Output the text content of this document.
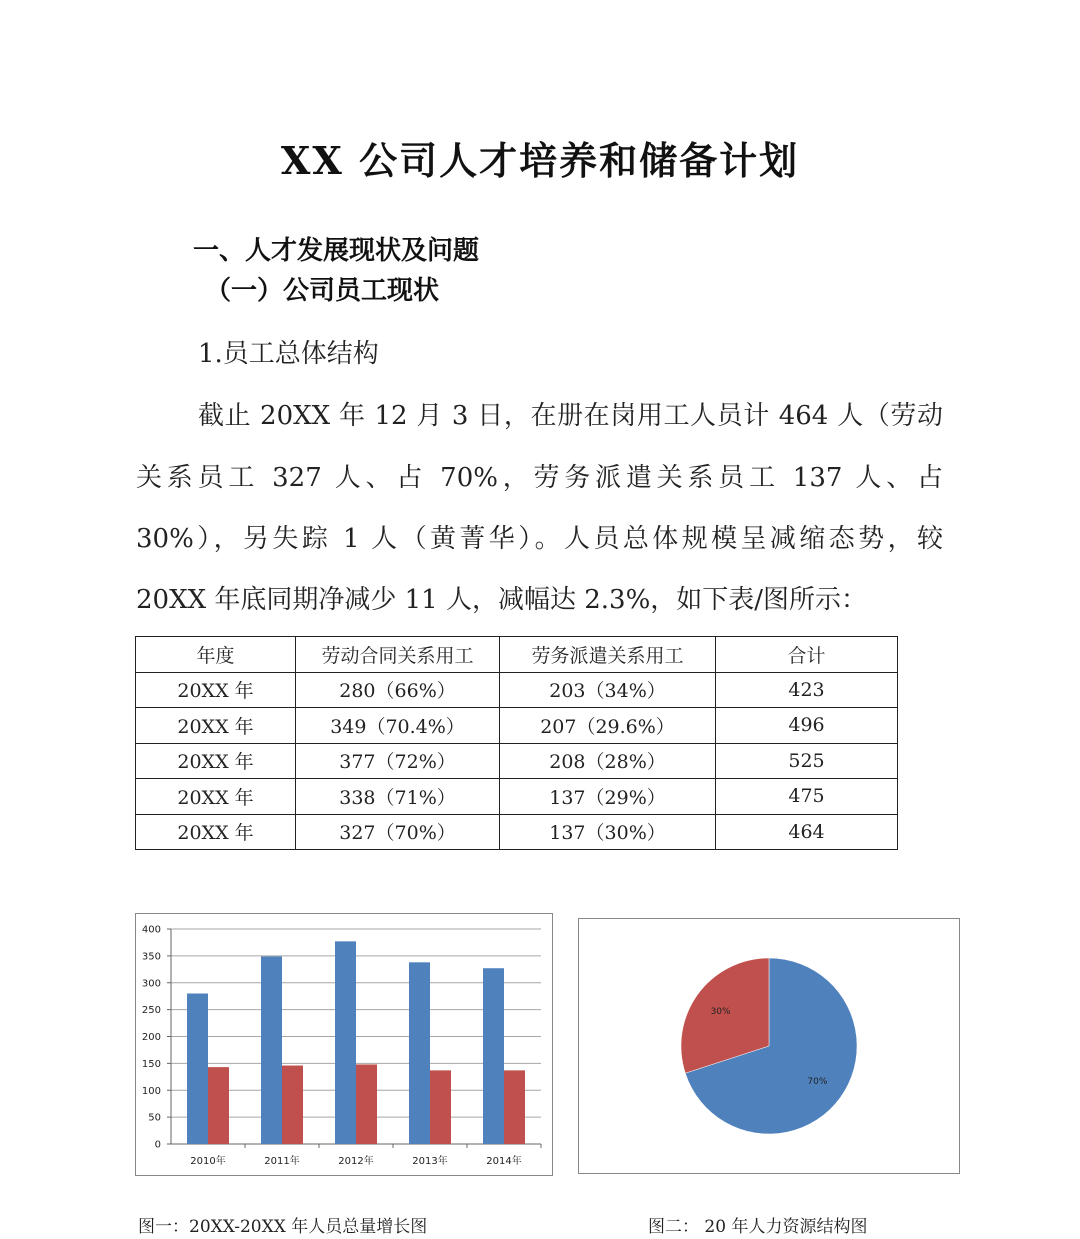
XX 公司人才培养和储备计划
一、人才发展现状及问题
（一）公司员工现状
1.员工总体结构
截止 20XX 年 12 月 3 日，在册在岗用工人员计 464 人（劳动
关系员工 327 人、占 70%，劳务派遣关系员工 137 人、占
30%），另失踪 1 人（黄菁华）。人员总体规模呈减缩态势，较
20XX 年底同期净减少 11 人，减幅达 2.3%，如下表/图所示：
年度	劳动合同关系用工	劳务派遣关系用工	合计
20XX 年	280（66%）	203（34%）	423
20XX 年	349（70.4%）	207（29.6%）	496
20XX 年	377（72%）	208（28%）	525
20XX 年	338（71%）	137（29%）	475
20XX 年	327（70%）	137（30%）	464
0
50
100
150
200
250
300
350
400
2010年	2011年	2012年	2013年	2014年
70%
30%
图一：20XX-20XX 年人员总量增长图	图二： 20 年人力资源结构图
